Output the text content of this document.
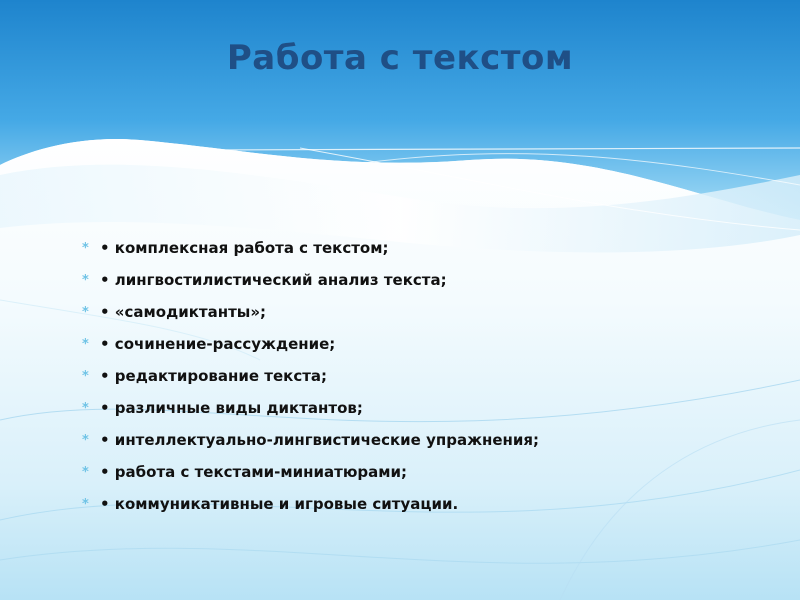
Работа с текстом
* • комплексная работа с текстом;
* • лингвостилистический анализ текста;
* • «самодиктанты»;
* • сочинение-рассуждение;
* • редактирование текста;
* • различные виды диктантов;
* • интеллектуально-лингвистические упражнения;
* • работа с текстами-миниатюрами;
* • коммуникативные и игровые ситуации.
